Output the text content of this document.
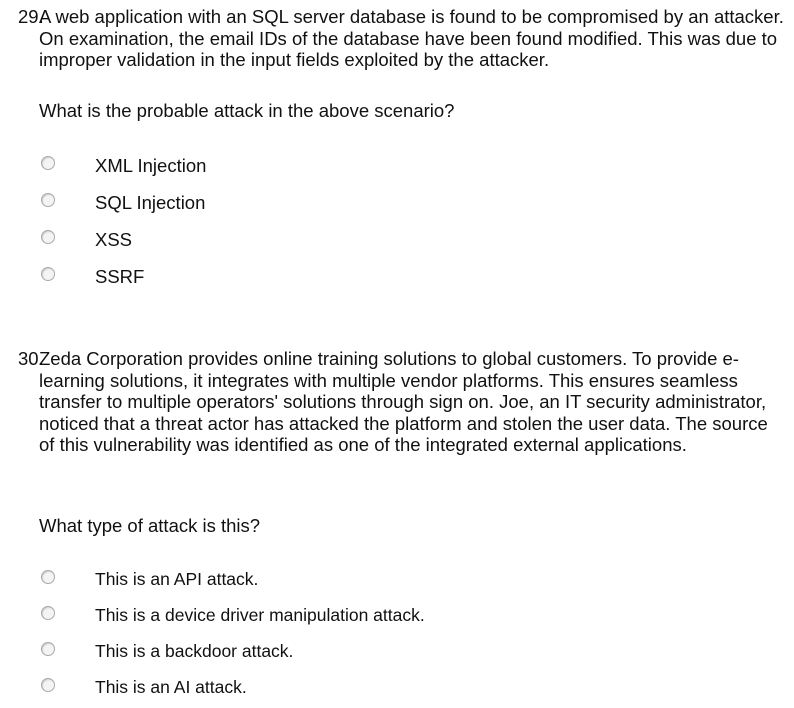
29.

A web application with an SQL server database is found to be compromised by an attacker. On examination, the email IDs of the database have been found modified. This was due to improper validation in the input fields exploited by the attacker.

What is the probable attack in the above scenario?

XML Injection
SQL Injection
XSS
SSRF
30.

Zeda Corporation provides online training solutions to global customers. To provide e-learning solutions, it integrates with multiple vendor platforms. This ensures seamless transfer to multiple operators' solutions through sign on. Joe, an IT security administrator, noticed that a threat actor has attacked the platform and stolen the user data. The source of this vulnerability was identified as one of the integrated external applications.

What type of attack is this?

This is an API attack.
This is a device driver manipulation attack.
This is a backdoor attack.
This is an AI attack.
